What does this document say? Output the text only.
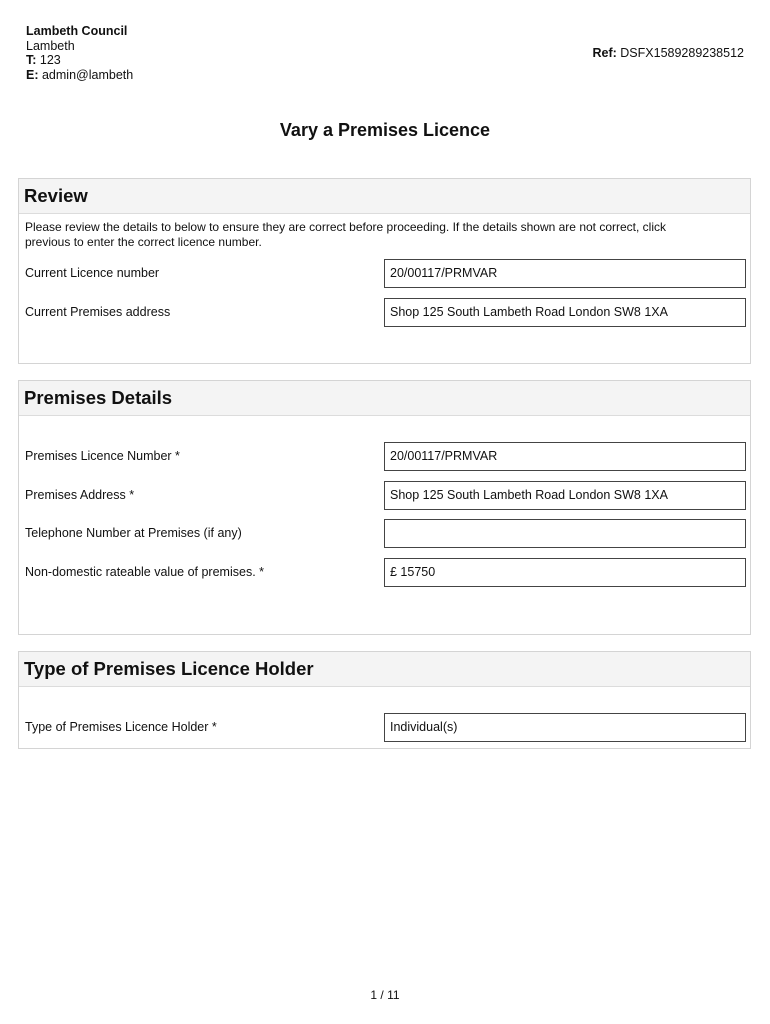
Lambeth Council
Lambeth
T: 123
E: admin@lambeth
Ref: DSFX1589289238512
Vary a Premises Licence
Review
Please review the details to below to ensure they are correct before proceeding. If the details shown are not correct, click
previous to enter the correct licence number.
Current Licence number	20/00117/PRMVAR
Current Premises address	Shop 125 South Lambeth Road London SW8 1XA
Premises Details
Premises Licence Number *	20/00117/PRMVAR
Premises Address *	Shop 125 South Lambeth Road London SW8 1XA
Telephone Number at Premises (if any)
Non-domestic rateable value of premises. *	£ 15750
Type of Premises Licence Holder
Type of Premises Licence Holder *	Individual(s)
1 / 11
